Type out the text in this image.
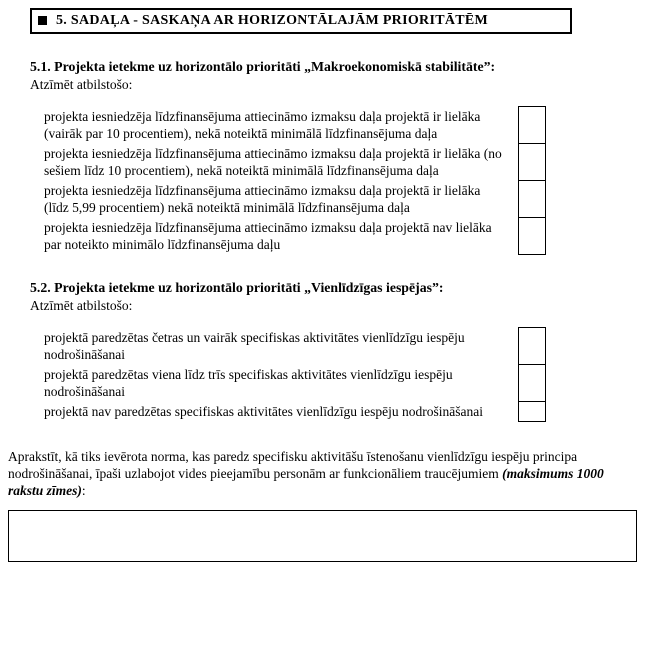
5. SADAĻA - SASKAŅA AR HORIZONTĀLAJĀM PRIORITĀTĒM
5.1. Projekta ietekme uz horizontālo prioritāti „Makroekonomiskā stabilitāte”:
Atzīmēt atbilstošo:
projekta iesniedzēja līdzfinansējuma attiecināmo izmaksu daļa projektā ir lielāka (vairāk par 10 procentiem), nekā noteiktā minimālā līdzfinansējuma daļa	
projekta iesniedzēja līdzfinansējuma attiecināmo izmaksu daļa projektā ir lielāka (no sešiem līdz 10 procentiem), nekā noteiktā minimālā līdzfinansējuma daļa	
projekta iesniedzēja līdzfinansējuma attiecināmo izmaksu daļa projektā ir lielāka (līdz 5,99 procentiem) nekā noteiktā minimālā līdzfinansējuma daļa	
projekta iesniedzēja līdzfinansējuma attiecināmo izmaksu daļa projektā nav lielāka par noteikto minimālo līdzfinansējuma daļu	
5.2. Projekta ietekme uz horizontālo prioritāti „Vienlīdzīgas iespējas”:
Atzīmēt atbilstošo:
projektā paredzētas četras un vairāk specifiskas aktivitātes vienlīdzīgu iespēju nodrošināšanai	
projektā paredzētas viena līdz trīs specifiskas aktivitātes vienlīdzīgu iespēju nodrošināšanai	
projektā nav paredzētas specifiskas aktivitātes vienlīdzīgu iespēju nodrošināšanai	
Aprakstīt, kā tiks ievērota norma, kas paredz specifisku aktivitāšu īstenošanu vienlīdzīgu iespēju principa nodrošināšanai, īpaši uzlabojot vides pieejamību personām ar funkcionāliem traucējumiem (maksimums 1000 rakstu zīmes):
